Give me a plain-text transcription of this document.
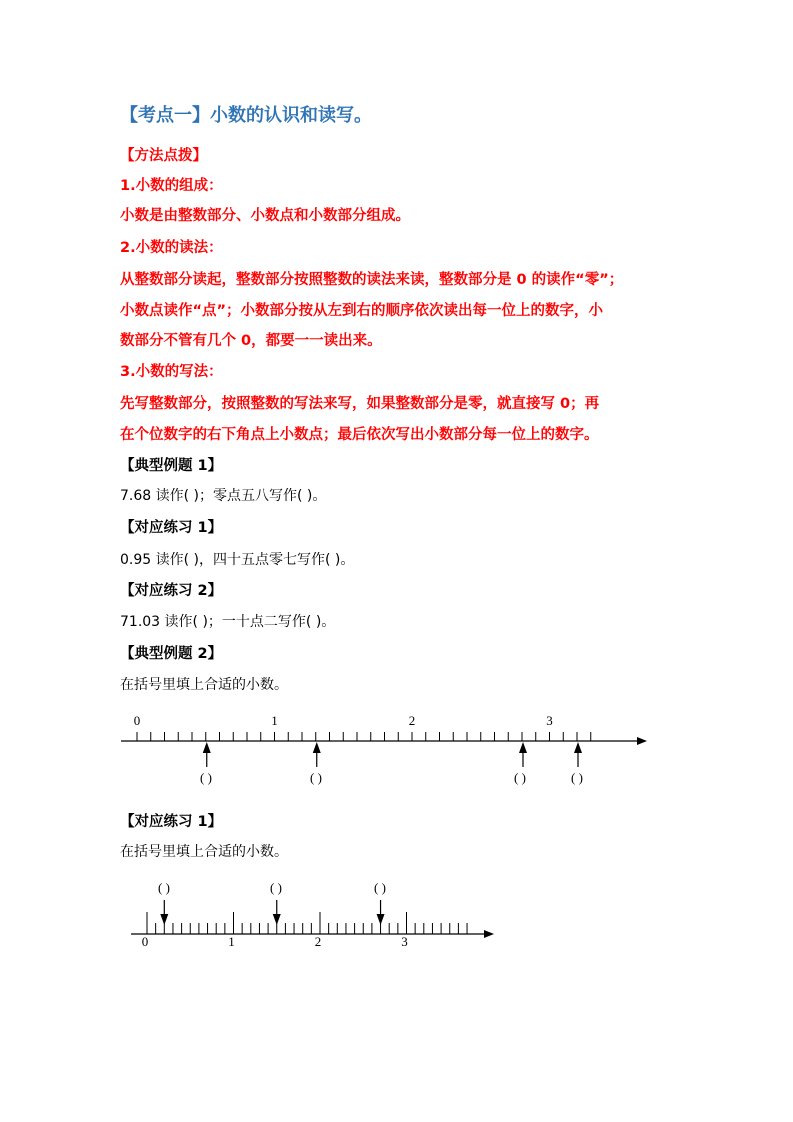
【考点一】小数的认识和读写。
【方法点拨】
1.小数的组成：
小数是由整数部分、小数点和小数部分组成。
2.小数的读法：
从整数部分读起，整数部分按照整数的读法来读，整数部分是 0 的读作“零”；
小数点读作“点”；小数部分按从左到右的顺序依次读出每一位上的数字，小
数部分不管有几个 0，都要一一读出来。
3.小数的写法：
先写整数部分，按照整数的写法来写，如果整数部分是零，就直接写 0；再
在个位数字的右下角点上小数点；最后依次写出小数部分每一位上的数字。
【典型例题 1】
7.68 读作( )；零点五八写作( )。
【对应练习 1】
0.95 读作( )，四十五点零七写作( )。
【对应练习 2】
71.03 读作( )；一十点二写作( )。
【典型例题 2】
在括号里填上合适的小数。
0	1	2	3
( )	( )	( )	( )
【对应练习 1】
在括号里填上合适的小数。
0	1	2	3
( )	( )	( )
